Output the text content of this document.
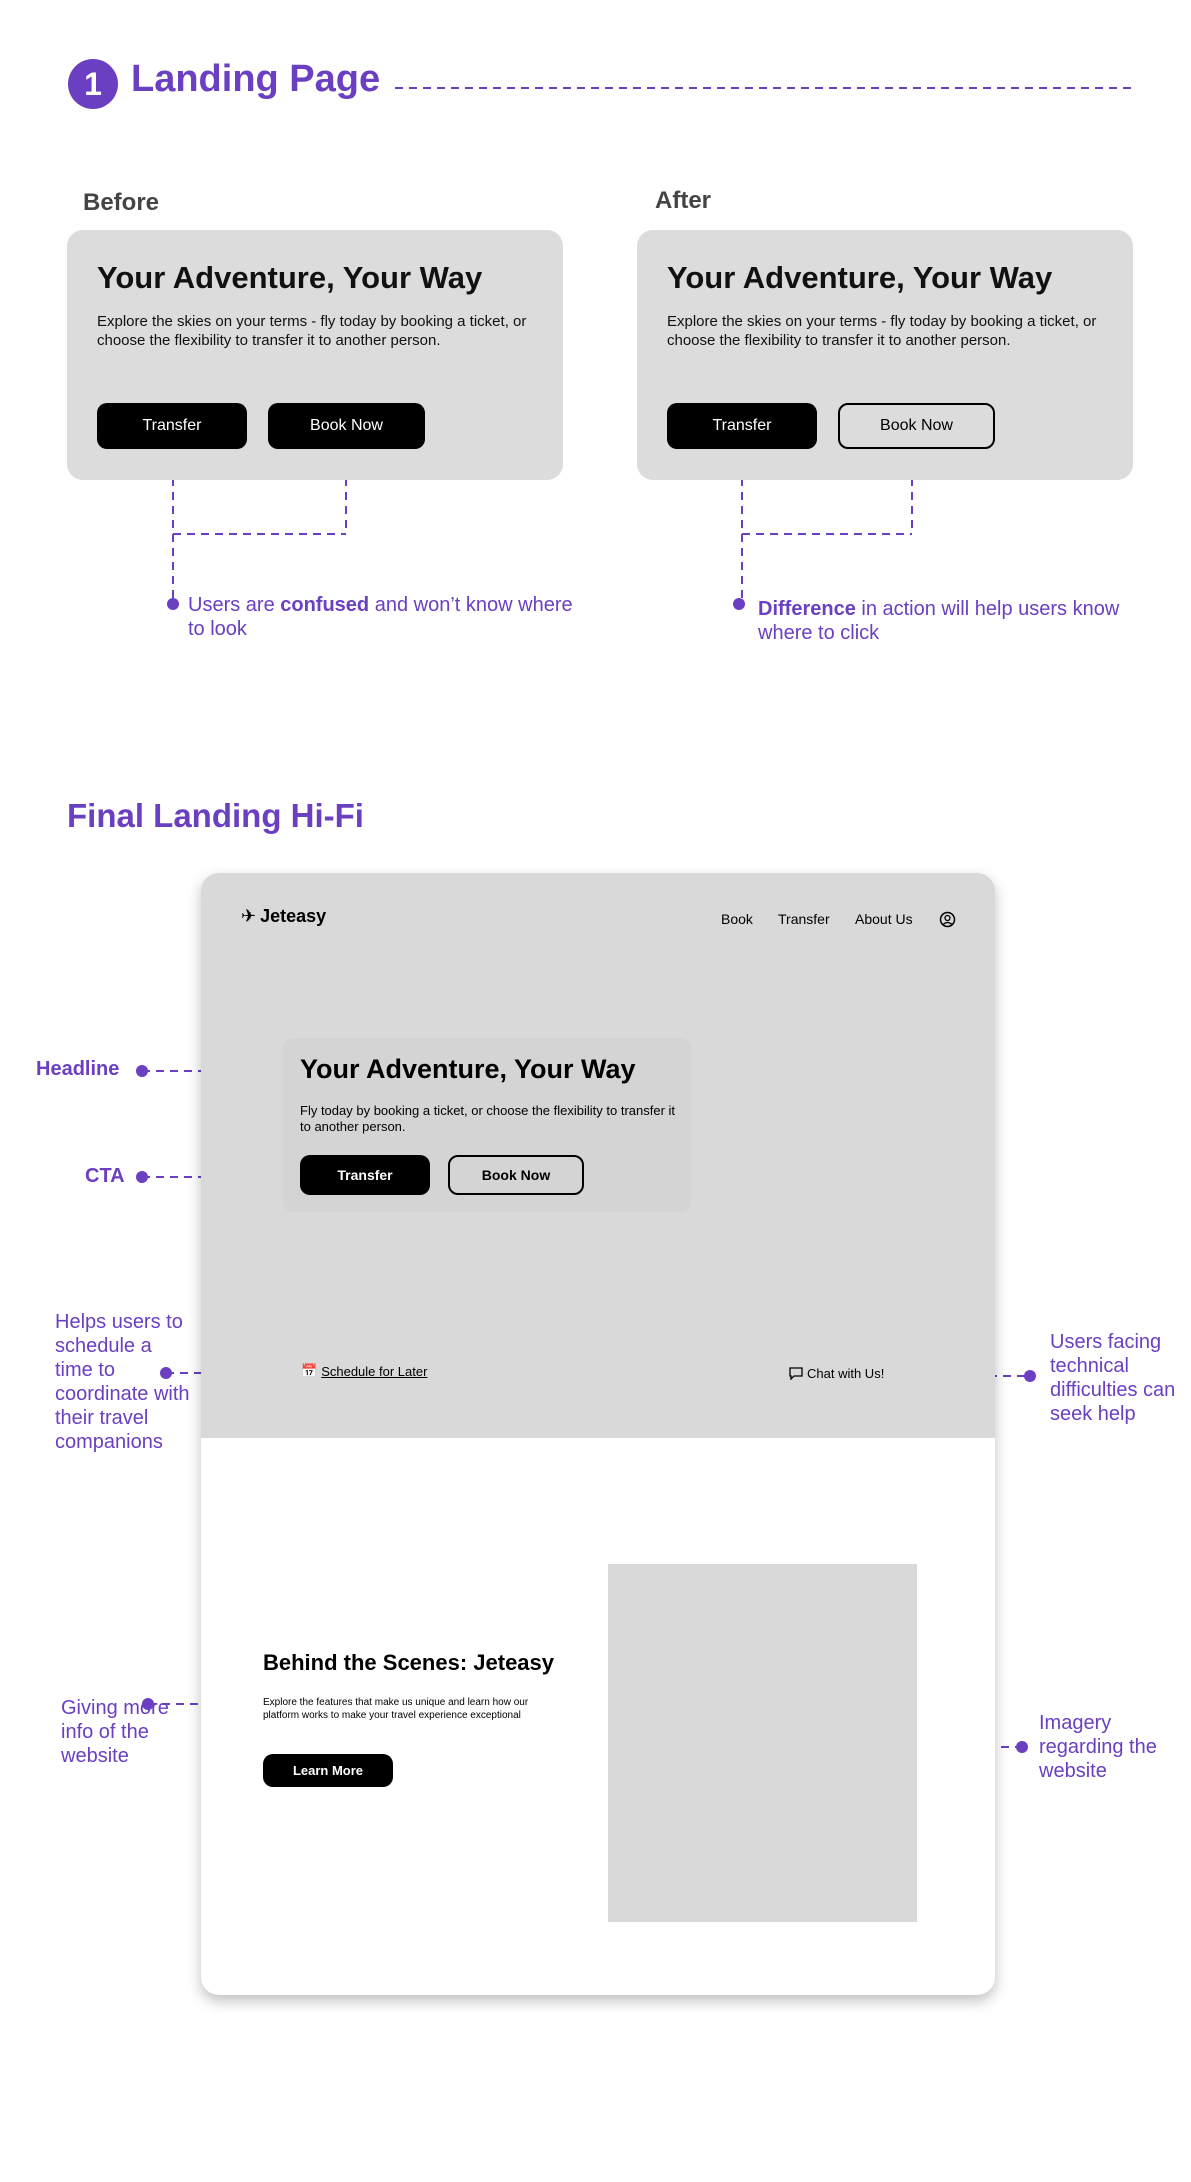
1 Landing Page
Before
Your Adventure, Your Way
Explore the skies on your terms - fly today by booking a ticket, or choose the flexibility to transfer it to another person.
Transfer	Book Now
Users are confused and won’t know where to look
After
Your Adventure, Your Way
Explore the skies on your terms - fly today by booking a ticket, or choose the flexibility to transfer it to another person.
Transfer	Book Now
Difference in action will help users know where to click
Final Landing Hi-Fi
✈ Jeteasy	Book Transfer About Us
Your Adventure, Your Way
Fly today by booking a ticket, or choose the flexibility to transfer it to another person.
Transfer	Book Now
📅 Schedule for Later	Chat with Us!
Behind the Scenes: Jeteasy
Explore the features that make us unique and learn how our platform works to make your travel experience exceptional
Learn More
Headline
CTA
Helps users to schedule a time to coordinate with their travel companions
Users facing technical difficulties can seek help
Giving more info of the website
Imagery regarding the website
